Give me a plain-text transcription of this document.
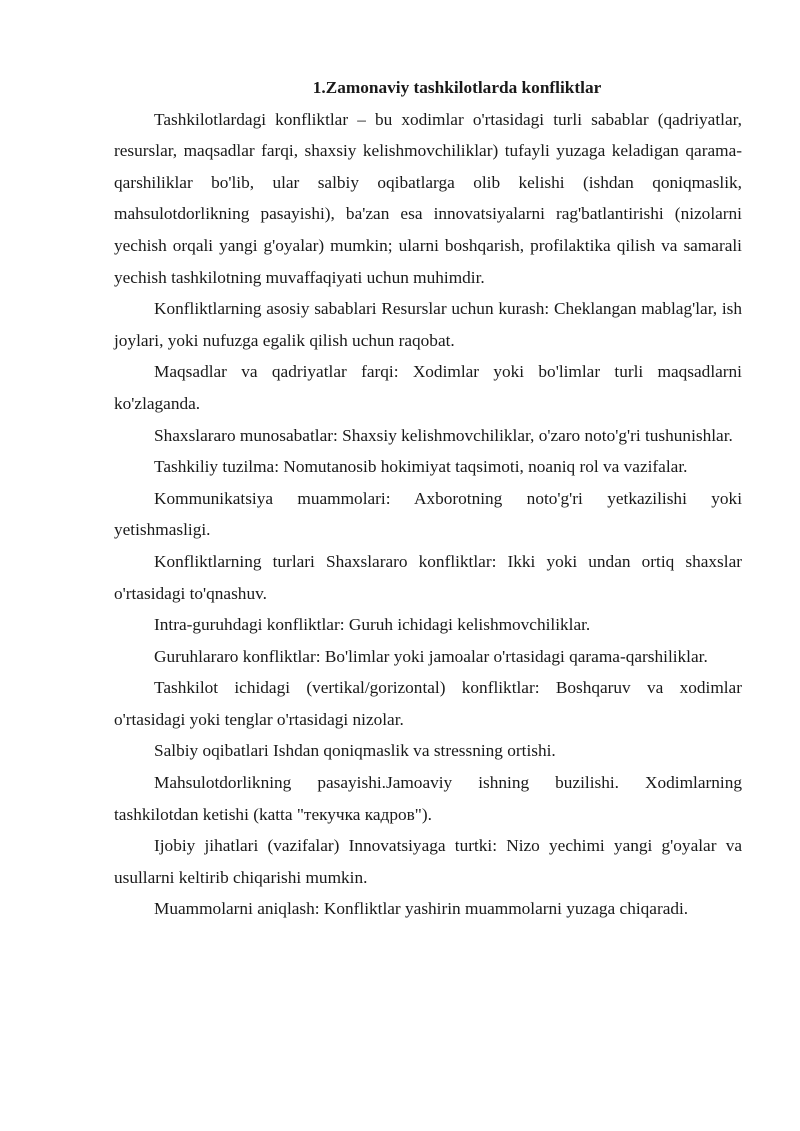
1.Zamonaviy tashkilotlarda konfliktlar

Tashkilotlardagi konfliktlar – bu xodimlar o'rtasidagi turli sabablar (qadriyatlar, resurslar, maqsadlar farqi, shaxsiy kelishmovchiliklar) tufayli yuzaga keladigan qarama-qarshiliklar bo'lib, ular salbiy oqibatlarga olib kelishi (ishdan qoniqmaslik, mahsulotdorlikning pasayishi), ba'zan esa innovatsiyalarni rag'batlantirishi (nizolarni yechish orqali yangi g'oyalar) mumkin; ularni boshqarish, profilaktika qilish va samarali yechish tashkilotning muvaffaqiyati uchun muhimdir.

Konfliktlarning asosiy sabablari Resurslar uchun kurash: Cheklangan mablag'lar, ish joylari, yoki nufuzga egalik qilish uchun raqobat.

Maqsadlar va qadriyatlar farqi: Xodimlar yoki bo'limlar turli maqsadlarni ko'zlaganda.

Shaxslararo munosabatlar: Shaxsiy kelishmovchiliklar, o'zaro noto'g'ri tushunishlar.

Tashkiliy tuzilma: Nomutanosib hokimiyat taqsimoti, noaniq rol va vazifalar.

Kommunikatsiya muammolari: Axborotning noto'g'ri yetkazilishi yoki yetishmasligi.

Konfliktlarning turlari Shaxslararo konfliktlar: Ikki yoki undan ortiq shaxslar o'rtasidagi to'qnashuv.

Intra-guruhdagi konfliktlar: Guruh ichidagi kelishmovchiliklar.

Guruhlararo konfliktlar: Bo'limlar yoki jamoalar o'rtasidagi qarama-qarshiliklar.

Tashkilot ichidagi (vertikal/gorizontal) konfliktlar: Boshqaruv va xodimlar o'rtasidagi yoki tenglar o'rtasidagi nizolar.

Salbiy oqibatlari Ishdan qoniqmaslik va stressning ortishi.

Mahsulotdorlikning pasayishi.Jamoaviy ishning buzilishi. Xodimlarning tashkilotdan ketishi (katta "текучка кадров").

Ijobiy jihatlari (vazifalar) Innovatsiyaga turtki: Nizo yechimi yangi g'oyalar va usullarni keltirib chiqarishi mumkin.

Muammolarni aniqlash: Konfliktlar yashirin muammolarni yuzaga chiqaradi.
